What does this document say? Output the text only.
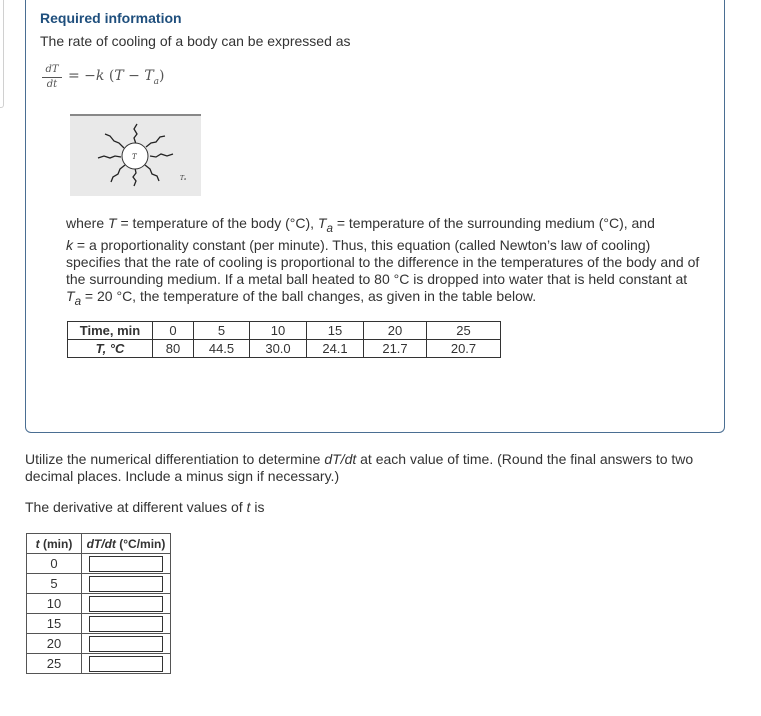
Required information
The rate of cooling of a body can be expressed as
dT
dt
= −k $(T - T_a)$
T
Tₐ
where T = temperature of the body (°C), $T_a$ = temperature of the surrounding medium (°C), and
k = a proportionality constant (per minute). Thus, this equation (called Newton’s law of cooling) specifies that the rate of cooling is proportional to the difference in the temperatures of the body and of the surrounding medium. If a metal ball heated to 80 °C is dropped into water that is held constant at $T_a = 20$ °C, the temperature of the ball changes, as given in the table below.
Time, min	0	5	10	15	20	25
T, °C	80	44.5	30.0	24.1	21.7	20.7
Utilize the numerical differentiation to determine dT/dt at each value of time. (Round the final answers to two decimal places. Include a minus sign if necessary.)
The derivative at different values of t is
t (min)	dT/dt (°C/min)
0	

5	

10	

15	

20	

25	
